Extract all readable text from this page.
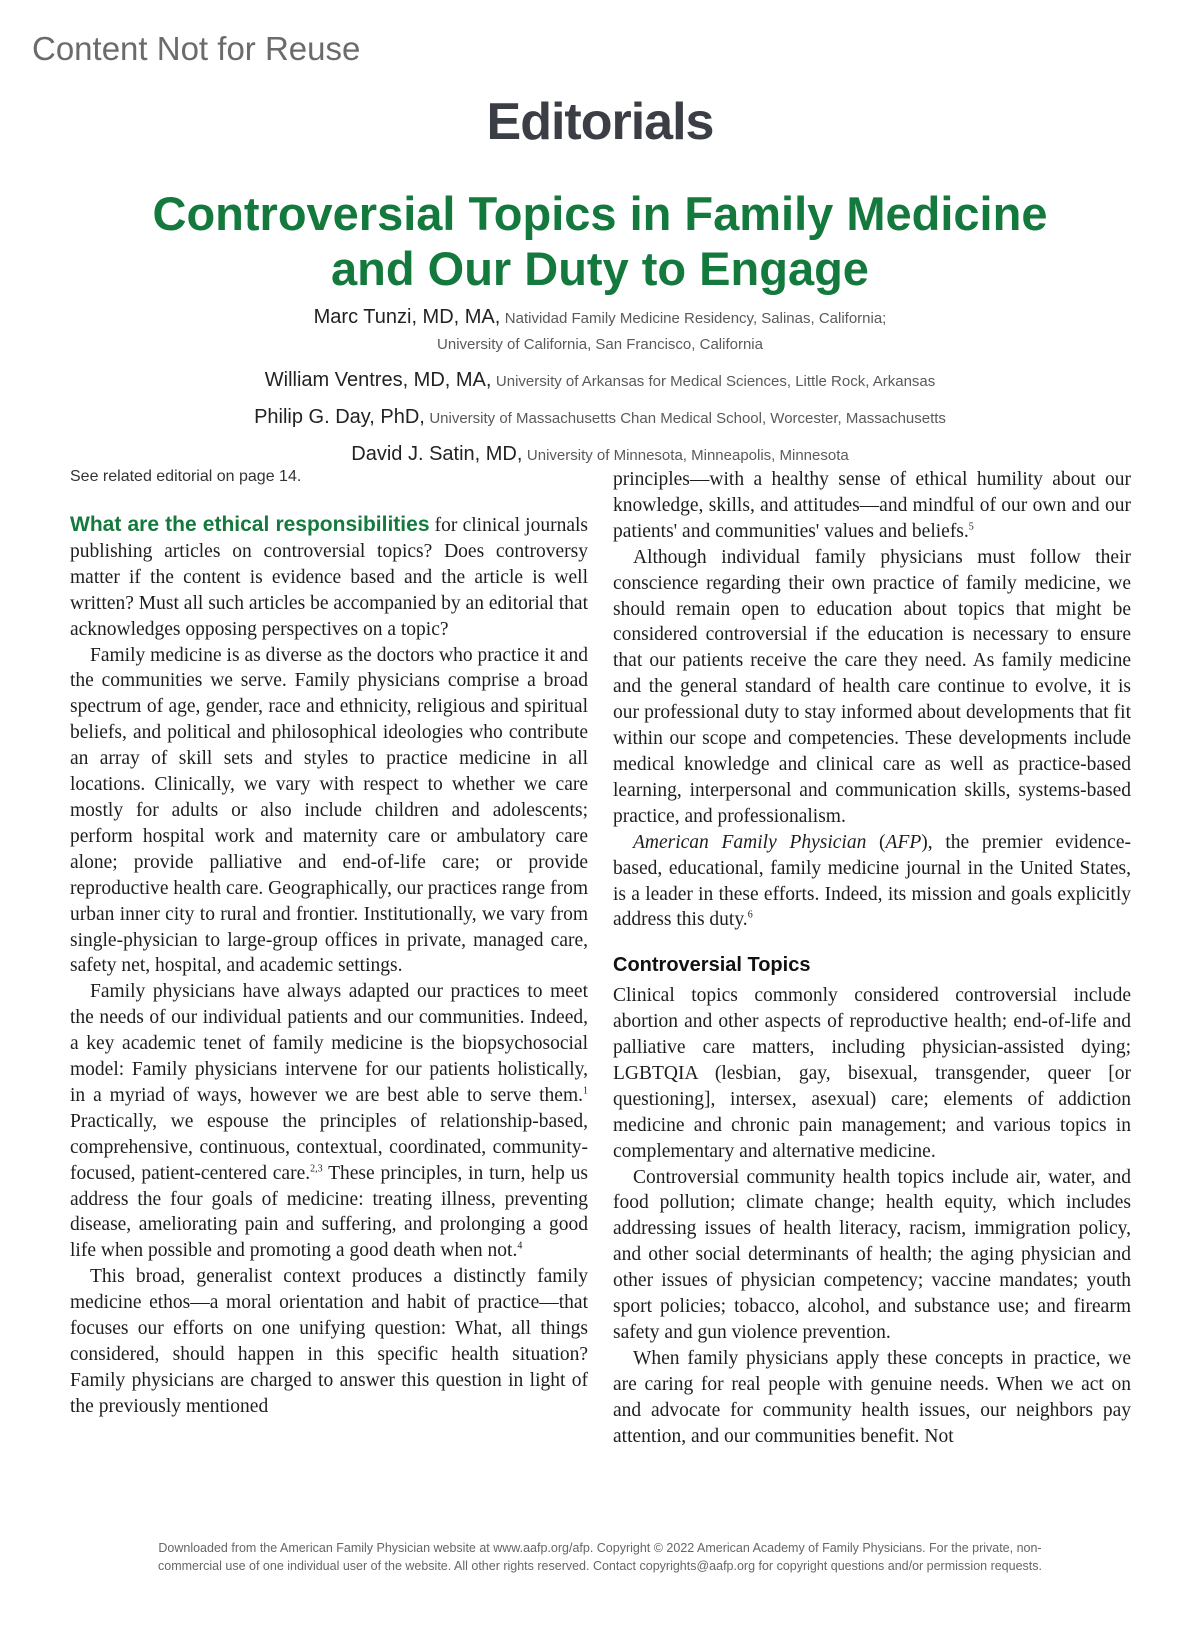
Content Not for Reuse
Editorials
Controversial Topics in Family Medicine
and Our Duty to Engage
Marc Tunzi, MD, MA, Natividad Family Medicine Residency, Salinas, California;
University of California, San Francisco, California
William Ventres, MD, MA, University of Arkansas for Medical Sciences, Little Rock, Arkansas
Philip G. Day, PhD, University of Massachusetts Chan Medical School, Worcester, Massachusetts
David J. Satin, MD, University of Minnesota, Minneapolis, Minnesota
See related editorial on page 14.

What are the ethical responsibilities for clinical journals publishing articles on controversial topics? Does controversy matter if the content is evidence based and the article is well written? Must all such articles be accompanied by an editorial that acknowledges opposing perspectives on a topic?

Family medicine is as diverse as the doctors who practice it and the communities we serve. Family physicians comprise a broad spectrum of age, gender, race and ethnicity, religious and spiritual beliefs, and political and philosophical ideologies who contribute an array of skill sets and styles to practice medicine in all locations. Clinically, we vary with respect to whether we care mostly for adults or also include children and adolescents; perform hospital work and maternity care or ambulatory care alone; provide palliative and end-of-life care; or provide reproductive health care. Geographically, our practices range from urban inner city to rural and frontier. Institutionally, we vary from single-physician to large-group offices in private, managed care, safety net, hospital, and academic settings.

Family physicians have always adapted our practices to meet the needs of our individual patients and our communities. Indeed, a key academic tenet of family medicine is the biopsychosocial model: Family physicians intervene for our patients holistically, in a myriad of ways, however we are best able to serve them.$^1$ Practically, we espouse the principles of relationship-based, comprehensive, continuous, contextual, coordinated, community-focused, patient-centered care.$^{2,3}$ These principles, in turn, help us address the four goals of medicine: treating illness, preventing disease, ameliorating pain and suffering, and prolonging a good life when possible and promoting a good death when not.$^4$

This broad, generalist context produces a distinctly family medicine ethos—a moral orientation and habit of practice—that focuses our efforts on one unifying question: What, all things considered, should happen in this specific health situation? Family physicians are charged to answer this question in light of the previously mentioned

principles—with a healthy sense of ethical humility about our knowledge, skills, and attitudes—and mindful of our own and our patients' and communities' values and beliefs.$^5$

Although individual family physicians must follow their conscience regarding their own practice of family medicine, we should remain open to education about topics that might be considered controversial if the education is necessary to ensure that our patients receive the care they need. As family medicine and the general standard of health care continue to evolve, it is our professional duty to stay informed about developments that fit within our scope and competencies. These developments include medical knowledge and clinical care as well as practice-based learning, interpersonal and communication skills, systems-based practice, and professionalism.

American Family Physician (AFP), the premier evidence-based, educational, family medicine journal in the United States, is a leader in these efforts. Indeed, its mission and goals explicitly address this duty.$^6$

Controversial Topics

Clinical topics commonly considered controversial include abortion and other aspects of reproductive health; end-of-life and palliative care matters, including physician-assisted dying; LGBTQIA (lesbian, gay, bisexual, transgender, queer [or questioning], intersex, asexual) care; elements of addiction medicine and chronic pain management; and various topics in complementary and alternative medicine.

Controversial community health topics include air, water, and food pollution; climate change; health equity, which includes addressing issues of health literacy, racism, immigration policy, and other social determinants of health; the aging physician and other issues of physician competency; vaccine mandates; youth sport policies; tobacco, alcohol, and substance use; and firearm safety and gun violence prevention.

When family physicians apply these concepts in practice, we are caring for real people with genuine needs. When we act on and advocate for community health issues, our neighbors pay attention, and our communities benefit. Not

Downloaded from the American Family Physician website at www.aafp.org/afp. Copyright © 2022 American Academy of Family Physicians. For the private, non-
commercial use of one individual user of the website. All other rights reserved. Contact copyrights@aafp.org for copyright questions and/or permission requests.
